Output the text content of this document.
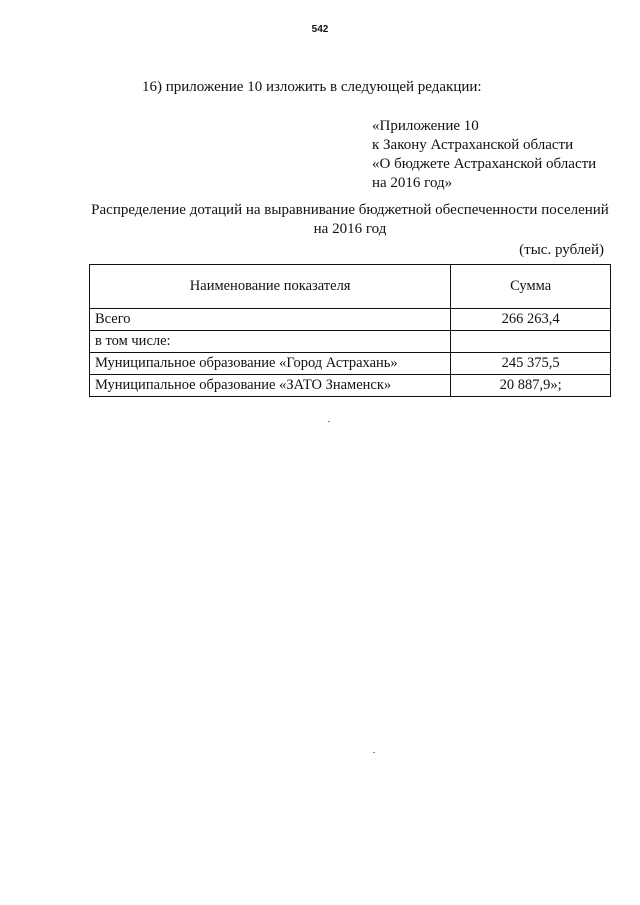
542
16) приложение 10 изложить в следующей редакции:
«Приложение 10
к Закону Астраханской области
«О бюджете Астраханской области
на 2016 год»
Распределение дотаций на выравнивание бюджетной обеспеченности поселений на 2016 год
(тыс. рублей)
Наименование показателя	Сумма
Всего	266 263,4
в том числе:	
Муниципальное образование «Город Астрахань»	245 375,5
Муниципальное образование «ЗАТО Знаменск»	20 887,9»;
